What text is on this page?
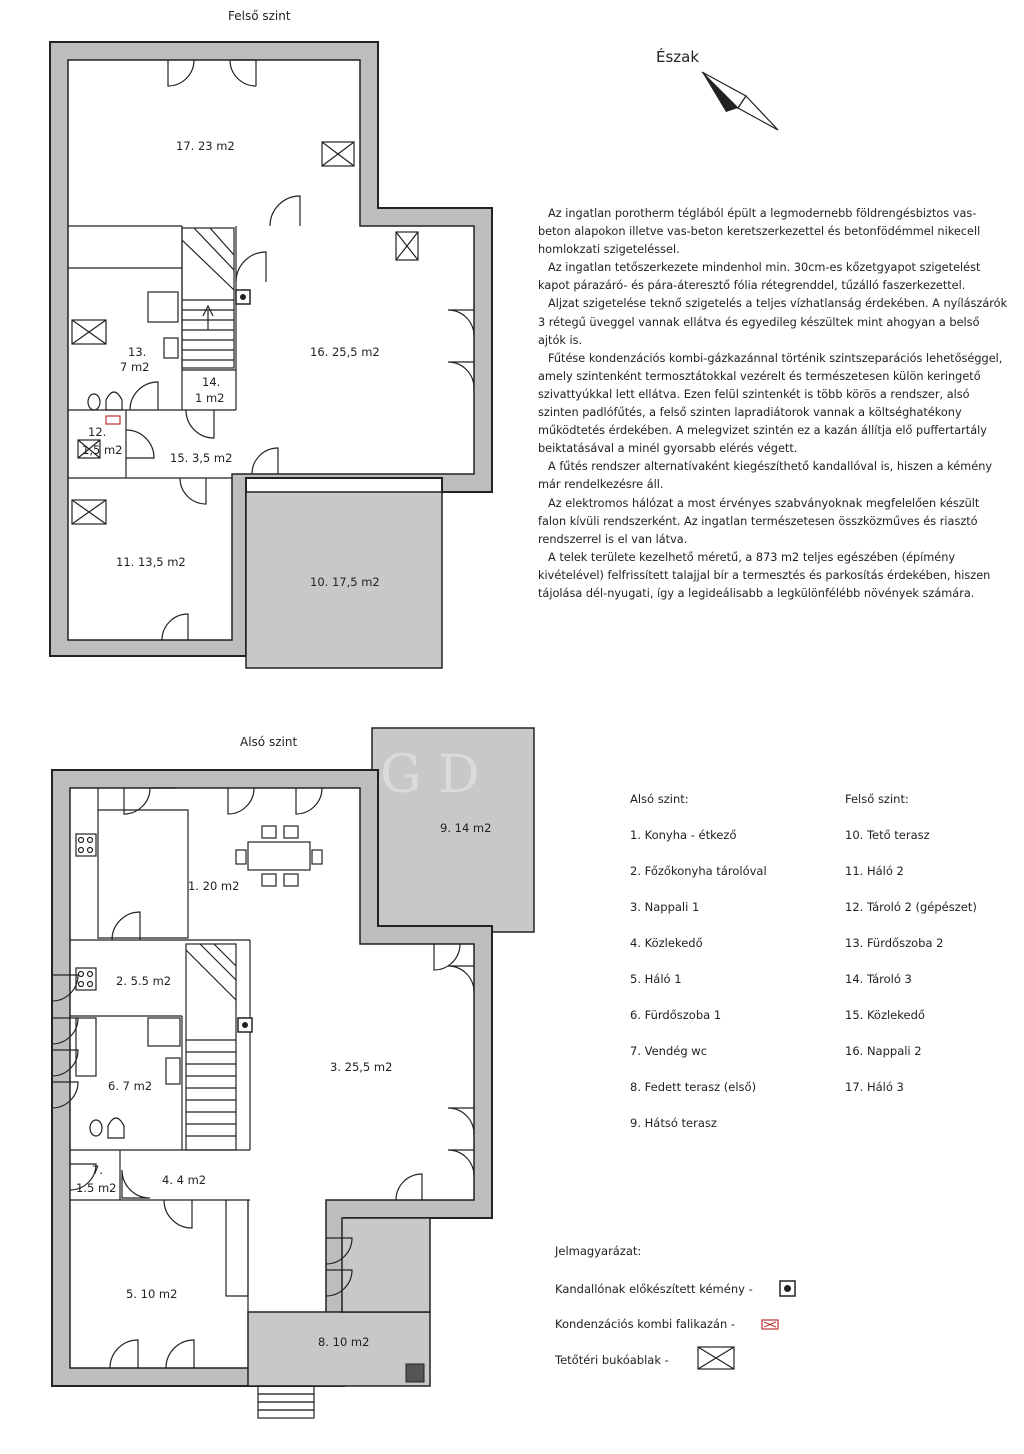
Felső szint
17. 23 m2
16. 25,5 m2
13.
7 m2
14.
1 m2
12.
1,5 m2
15. 3,5 m2
11. 13,5 m2
10. 17,5 m2
Észak
Alsó szint
1. 20 m2
2. 5.5 m2
3. 25,5 m2
6. 7 m2
7.
1.5 m2
4. 4 m2
5. 10 m2
8. 10 m2
9. 14 m2
G D

Az ingatlan porotherm téglából épült a legmodernebb földrengésbiztos vas-beton alapokon illetve vas-beton keretszerkezettel és betonfödémmel nikecell homlokzati szigeteléssel.

Az ingatlan tetőszerkezete mindenhol min. 30cm-es kőzetgyapot szigetelést kapot párazáró- és pára-áteresztő fólia rétegrenddel, tűzálló faszerkezettel.

Aljzat szigetelése teknő szigetelés a teljes vízhatlanság érdekében. A nyílászárók 3 rétegű üveggel vannak ellátva és egyedileg készültek mint ahogyan a belső ajtók is.

Fűtése kondenzációs kombi-gázkazánnal történik szintszeparációs lehetőséggel, amely szintenként termosztátokkal vezérelt és természetesen külön keringető szivattyúkkal lett ellátva. Ezen felül szintenkét is több körös a rendszer, alsó szinten padlófűtés, a felső szinten lapradiátorok vannak a költséghatékony működtetés érdekében. A melegvizet szintén ez a kazán állítja elő puffertartály beiktatásával a minél gyorsabb elérés végett.

A fűtés rendszer alternatívaként kiegészíthető kandallóval is, hiszen a kémény már rendelkezésre áll.

Az elektromos hálózat a most érvényes szabványoknak megfelelően készült falon kívüli rendszerként. Az ingatlan természetesen összközműves és riasztó rendszerrel is el van látva.

A telek területe kezelhető méretű, a 873 m2 teljes egészében (épímény kivételével) felfrissített talajjal bír a termesztés és parkosítás érdekében, hiszen tájolása dél-nyugati, így a legideálisabb a legkülönfélébb növények számára.

Alsó szint:
1. Konyha - étkező
2. Főzőkonyha tárolóval
3. Nappali 1
4. Közlekedő
5. Háló 1
6. Fürdőszoba 1
7. Vendég wc
8. Fedett terasz (első)
9. Hátsó terasz
Felső szint:
10. Tető terasz
11. Háló 2
12. Tároló 2 (gépészet)
13. Fürdőszoba 2
14. Tároló 3
15. Közlekedő
16. Nappali 2
17. Háló 3
Jelmagyarázat:
Kandallónak előkészített kémény -
Kondenzációs kombi falikazán -
Tetőtéri bukóablak -
